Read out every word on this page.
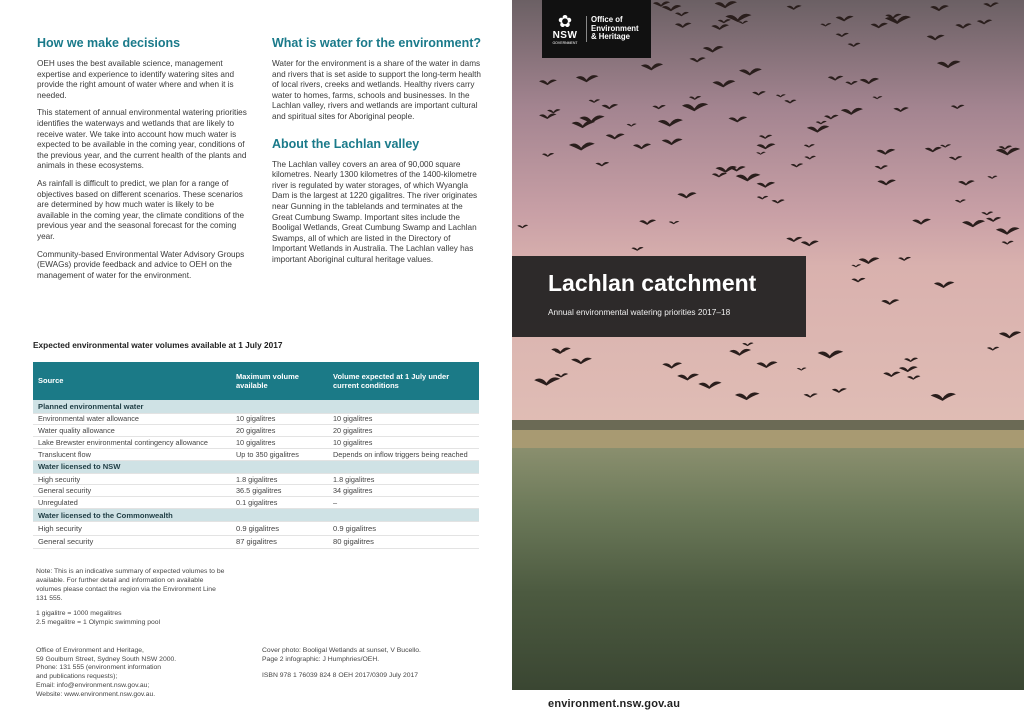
How we make decisions
OEH uses the best available science, management expertise and experience to identify watering sites and provide the right amount of water where and when it is needed.
This statement of annual environmental watering priorities identifies the waterways and wetlands that are likely to receive water. We take into account how much water is expected to be available in the coming year, conditions of the previous year, and the current health of the plants and animals in these ecosystems.
As rainfall is difficult to predict, we plan for a range of objectives based on different scenarios. These scenarios are determined by how much water is likely to be available in the coming year, the climate conditions of the previous year and the seasonal forecast for the coming year.
Community-based Environmental Water Advisory Groups (EWAGs) provide feedback and advice to OEH on the management of water for the environment.
What is water for the environment?
Water for the environment is a share of the water in dams and rivers that is set aside to support the long-term health of local rivers, creeks and wetlands. Healthy rivers carry water to homes, farms, schools and businesses. In the Lachlan valley, rivers and wetlands are important cultural and spiritual sites for Aboriginal people.
About the Lachlan valley
The Lachlan valley covers an area of 90,000 square kilometres. Nearly 1300 kilometres of the 1400-kilometre river is regulated by water storages, of which Wyangla Dam is the largest at 1220 gigalitres. The river originates near Gunning in the tablelands and terminates at the Great Cumbung Swamp. Important sites include the Booligal Wetlands, Great Cumbung Swamp and Lachlan Swamps, all of which are listed in the Directory of Important Wetlands in Australia. The Lachlan valley has important Aboriginal cultural heritage values.
Expected environmental water volumes available at 1 July 2017
Source	Maximum volume available	Volume expected at 1 July under current conditions
Planned environmental water		
Environmental water allowance	10 gigalitres	10 gigalitres
Water quality allowance	20 gigalitres	20 gigalitres
Lake Brewster environmental contingency allowance	10 gigalitres	10 gigalitres
Translucent flow	Up to 350 gigalitres	Depends on inflow triggers being reached
Water licensed to NSW		
High security	1.8 gigalitres	1.8 gigalitres
General security	36.5 gigalitres	34 gigalitres
Unregulated	0.1 gigalitres	–
Water licensed to the Commonwealth		
High security	0.9 gigalitres	0.9 gigalitres
General security	87 gigalitres	80 gigalitres
Note: This is an indicative summary of expected volumes to be available. For further detail and information on available volumes please contact the region via the Environment Line 131 555.
1 gigalitre = 1000 megalitres
2.5 megalitre = 1 Olympic swimming pool
Office of Environment and Heritage,
59 Goulburn Street, Sydney South NSW 2000.
Phone: 131 555 (environment information
and publications requests);
Email: info@environment.nsw.gov.au;
Website: www.environment.nsw.gov.au.
Cover photo: Booligal Wetlands at sunset, V Bucello.
Page 2 infographic: J Humphries/OEH.
ISBN 978 1 76039 824 8 OEH 2017/0309 July 2017
✿
NSW
GOVERNMENT
Office of
Environment
& Heritage
Lachlan catchment
Annual environmental watering priorities 2017–18
environment.nsw.gov.au
